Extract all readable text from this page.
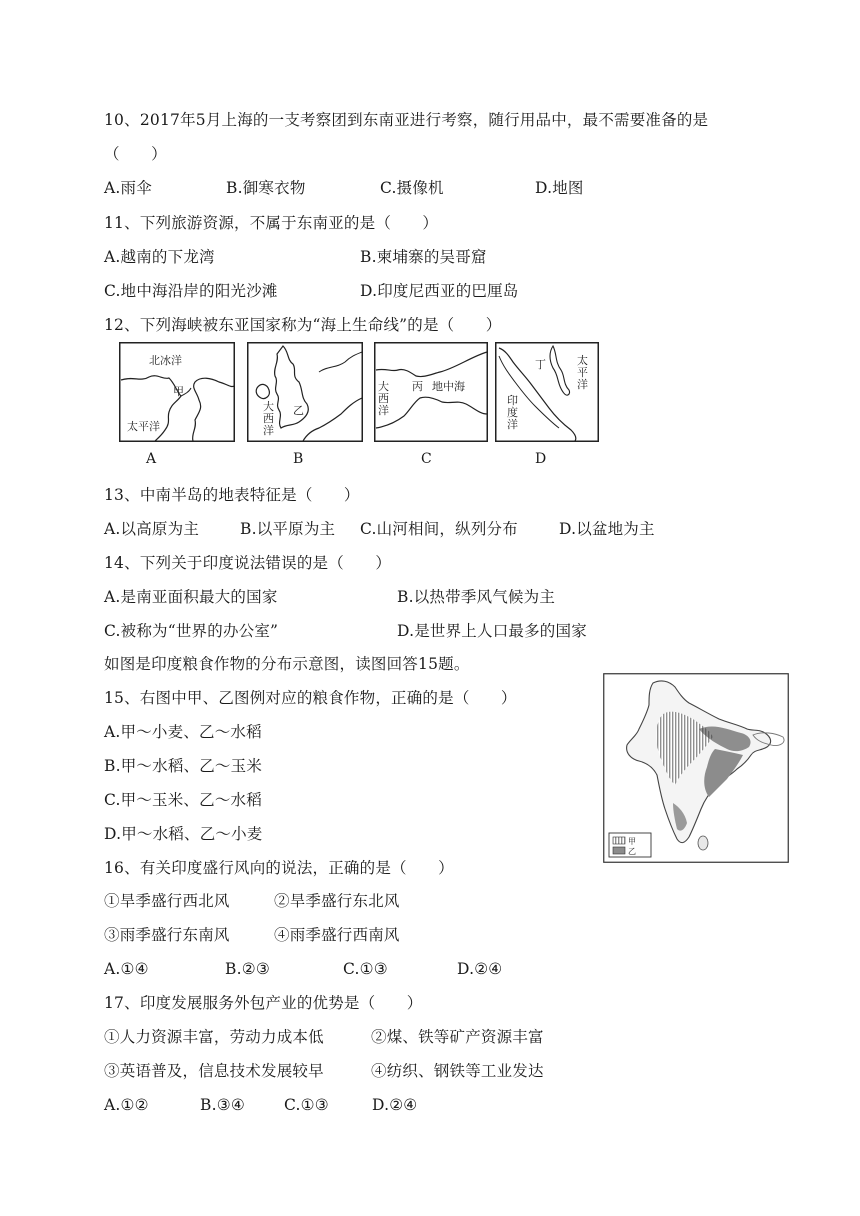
10、2017年5月上海的一支考察团到东南亚进行考察，随行用品中，最不需要准备的是
（　　）
A.雨伞	B.御寒衣物	C.摄像机	D.地图
11、下列旅游资源，不属于东南亚的是（　　）
A.越南的下龙湾	B.柬埔寨的吴哥窟
C.地中海沿岸的阳光沙滩	D.印度尼西亚的巴厘岛
12、下列海峡被东亚国家称为“海上生命线”的是（　　）
北冰洋
甲
太平洋
A
大
西
洋
乙
B
大
西
洋
丙 地中海
C
丁	太
平
洋
印
度
洋
D
13、中南半岛的地表特征是（　　）
A.以高原为主	B.以平原为主 C.山河相间，纵列分布	D.以盆地为主
14、下列关于印度说法错误的是（　　）
A.是南亚面积最大的国家	B.以热带季风气候为主
C.被称为“世界的办公室”	D.是世界上人口最多的国家
如图是印度粮食作物的分布示意图，读图回答15题。
15、右图中甲、乙图例对应的粮食作物，正确的是（　　）
A.甲～小麦、乙～水稻
B.甲～水稻、乙～玉米
C.甲～玉米、乙～水稻
D.甲～水稻、乙～小麦	甲
乙
16、有关印度盛行风向的说法，正确的是（　　）
①旱季盛行西北风	②旱季盛行东北风
③雨季盛行东南风	④雨季盛行西南风
A.①④	B.②③	C.①③	D.②④
17、印度发展服务外包产业的优势是（　　）
①人力资源丰富，劳动力成本低	②煤、铁等矿产资源丰富
③英语普及，信息技术发展较早	④纺织、钢铁等工业发达
A.①②	B.③④	C.①③	D.②④
